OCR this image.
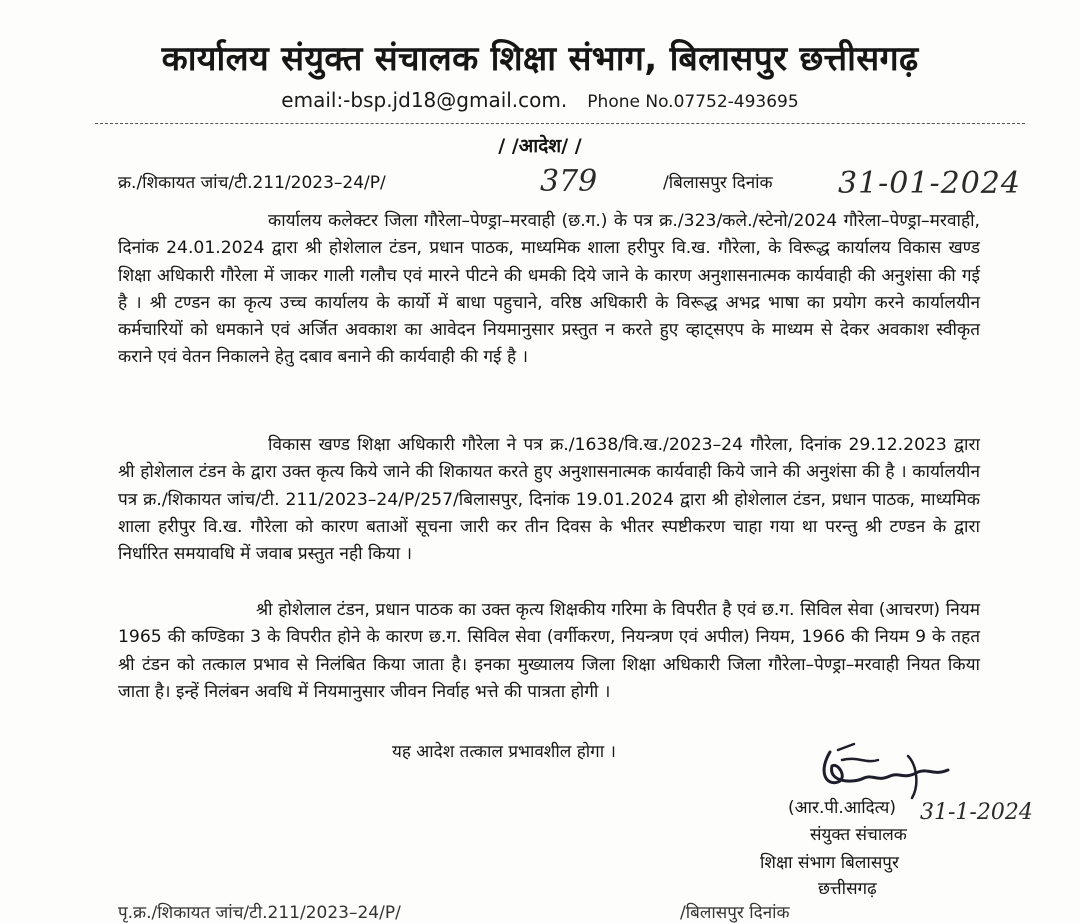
कार्यालय संयुक्त संचालक शिक्षा संभाग, बिलासपुर छत्तीसगढ़
email:-bsp.jd18@gmail.com. Phone No.07752-493695
/ /आदेश/ /
क्र./शिकायत जांच/टी.211/2023–24/P/	379	/बिलासपुर दिनांक 31-01-2024

कार्यालय कलेक्टर जिला गौरेला–पेण्ड्रा–मरवाही (छ.ग.) के पत्र क्र./323/कले./स्टेनो/2024 गौरेला–पेण्ड्रा–मरवाही, दिनांक 24.01.2024 द्वारा श्री होशेलाल टंडन, प्रधान पाठक, माध्यमिक शाला हरीपुर वि.ख. गौरेला, के विरूद्ध कार्यालय विकास खण्ड शिक्षा अधिकारी गौरेला में जाकर गाली गलौच एवं मारने पीटने की धमकी दिये जाने के कारण अनुशासनात्मक कार्यवाही की अनुशंसा की गई है । श्री टण्डन का कृत्य उच्च कार्यालय के कार्यो में बाधा पहुचाने, वरिष्ठ अधिकारी के विरूद्ध अभद्र भाषा का प्रयोग करने कार्यालयीन कर्मचारियों को धमकाने एवं अर्जित अवकाश का आवेदन नियमानुसार प्रस्तुत न करते हुए व्हाट्सएप के माध्यम से देकर अवकाश स्वीकृत कराने एवं वेतन निकालने हेतु दबाव बनाने की कार्यवाही की गई है ।

विकास खण्ड शिक्षा अधिकारी गौरेला ने पत्र क्र./1638/वि.ख./2023–24 गौरेला, दिनांक 29.12.2023 द्वारा श्री होशेलाल टंडन के द्वारा उक्त कृत्य किये जाने की शिकायत करते हुए अनुशासनात्मक कार्यवाही किये जाने की अनुशंसा की है । कार्यालयीन पत्र क्र./शिकायत जांच/टी. 211/2023–24/P/257/बिलासपुर, दिनांक 19.01.2024 द्वारा श्री होशेलाल टंडन, प्रधान पाठक, माध्यमिक शाला हरीपुर वि.ख. गौरेला को कारण बताओं सूचना जारी कर तीन दिवस के भीतर स्पष्टीकरण चाहा गया था परन्तु श्री टण्डन के द्वारा निर्धारित समयावधि में जवाब प्रस्तुत नही किया ।

श्री होशेलाल टंडन, प्रधान पाठक का उक्त कृत्य शिक्षकीय गरिमा के विपरीत है एवं छ.ग. सिविल सेवा (आचरण) नियम 1965 की कण्डिका 3 के विपरीत होने के कारण छ.ग. सिविल सेवा (वर्गीकरण, नियन्त्रण एवं अपील) नियम, 1966 की नियम 9 के तहत श्री टंडन को तत्काल प्रभाव से निलंबित किया जाता है। इनका मुख्यालय जिला शिक्षा अधिकारी जिला गौरेला–पेण्ड्रा–मरवाही नियत किया जाता है। इन्हें निलंबन अवधि में नियमानुसार जीवन निर्वाह भत्ते की पात्रता होगी ।

यह आदेश तत्काल प्रभावशील होगा ।
(आर.पी.आदित्य) 31-1-2024
संयुक्त संचालक
शिक्षा संभाग बिलासपुर
छत्तीसगढ़
पृ.क्र./शिकायत जांच/टी.211/2023–24/P/	/बिलासपुर दिनांक
